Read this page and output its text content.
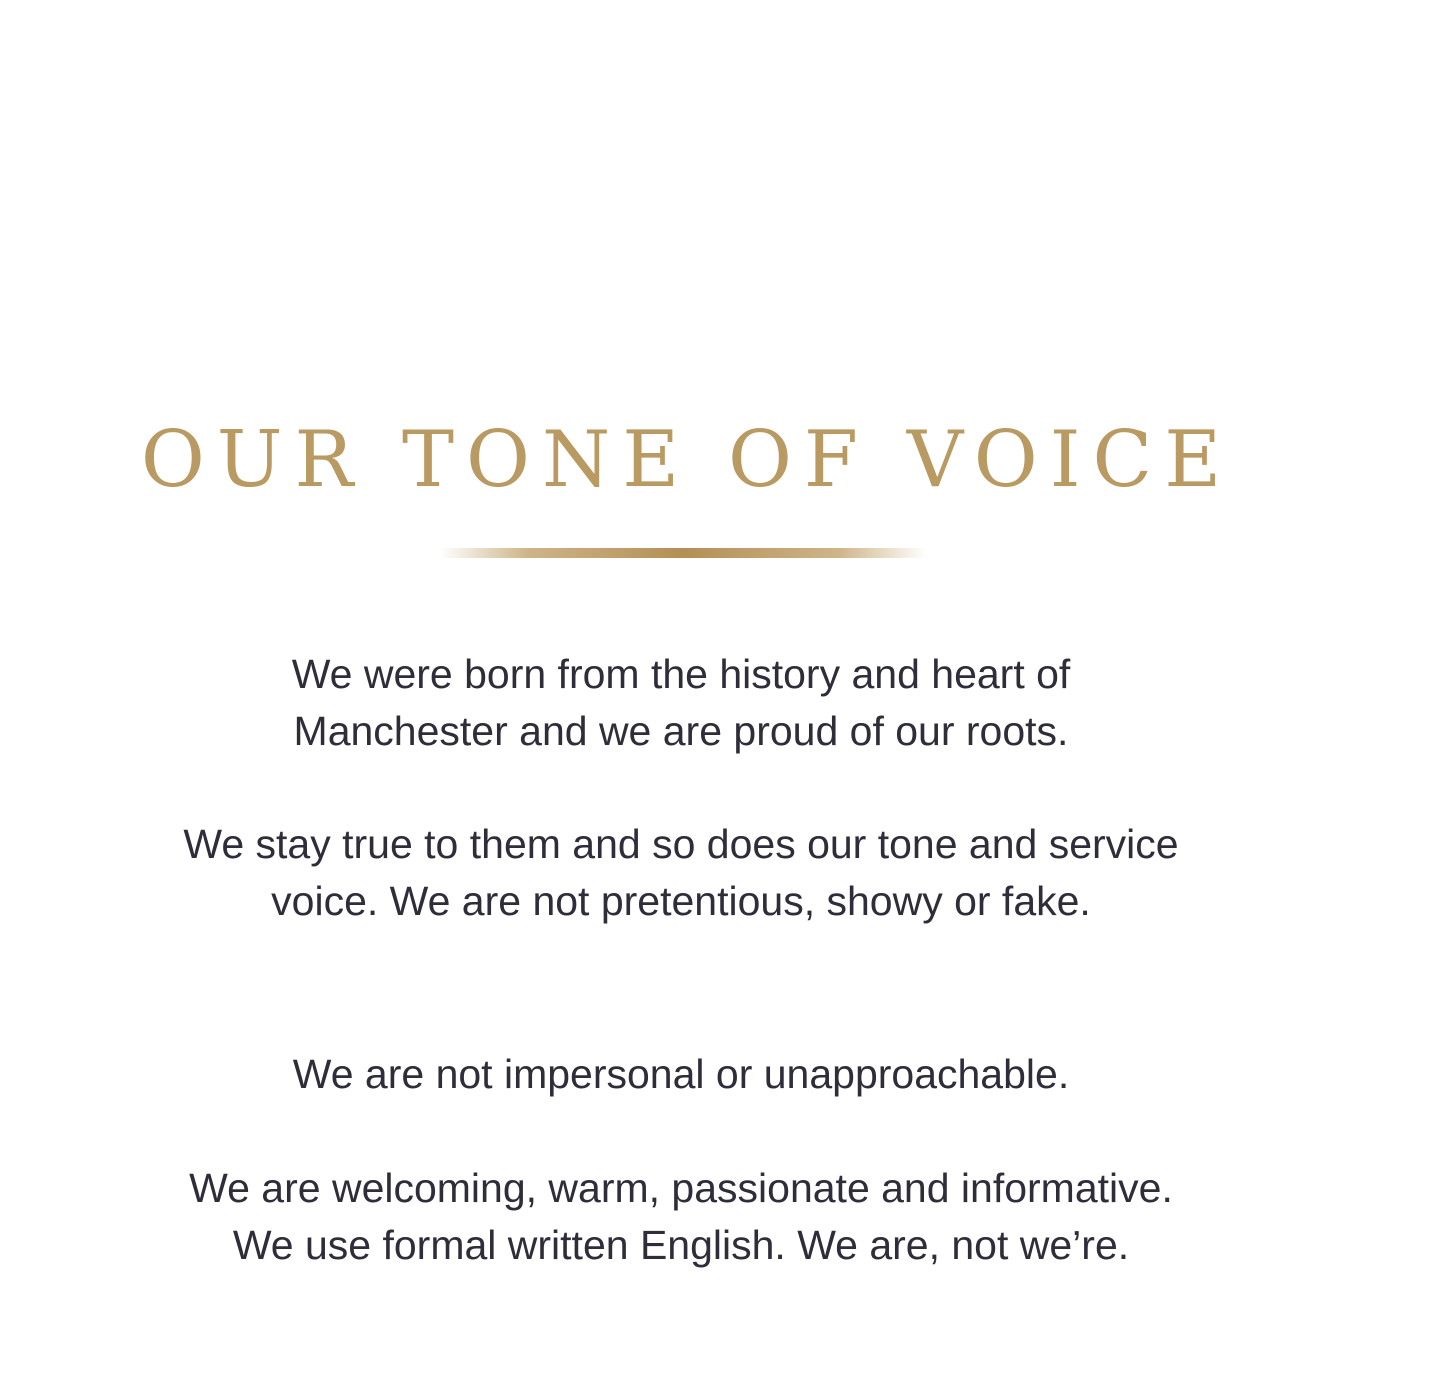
OUR TONE OF VOICE

We were born from the history and heart of Manchester and we are proud of our roots.

We stay true to them and so does our tone and service voice. We are not pretentious, showy or fake.

We are not impersonal or unapproachable.

We are welcoming, warm, passionate and informative. We use formal written English. We are, not we’re.
